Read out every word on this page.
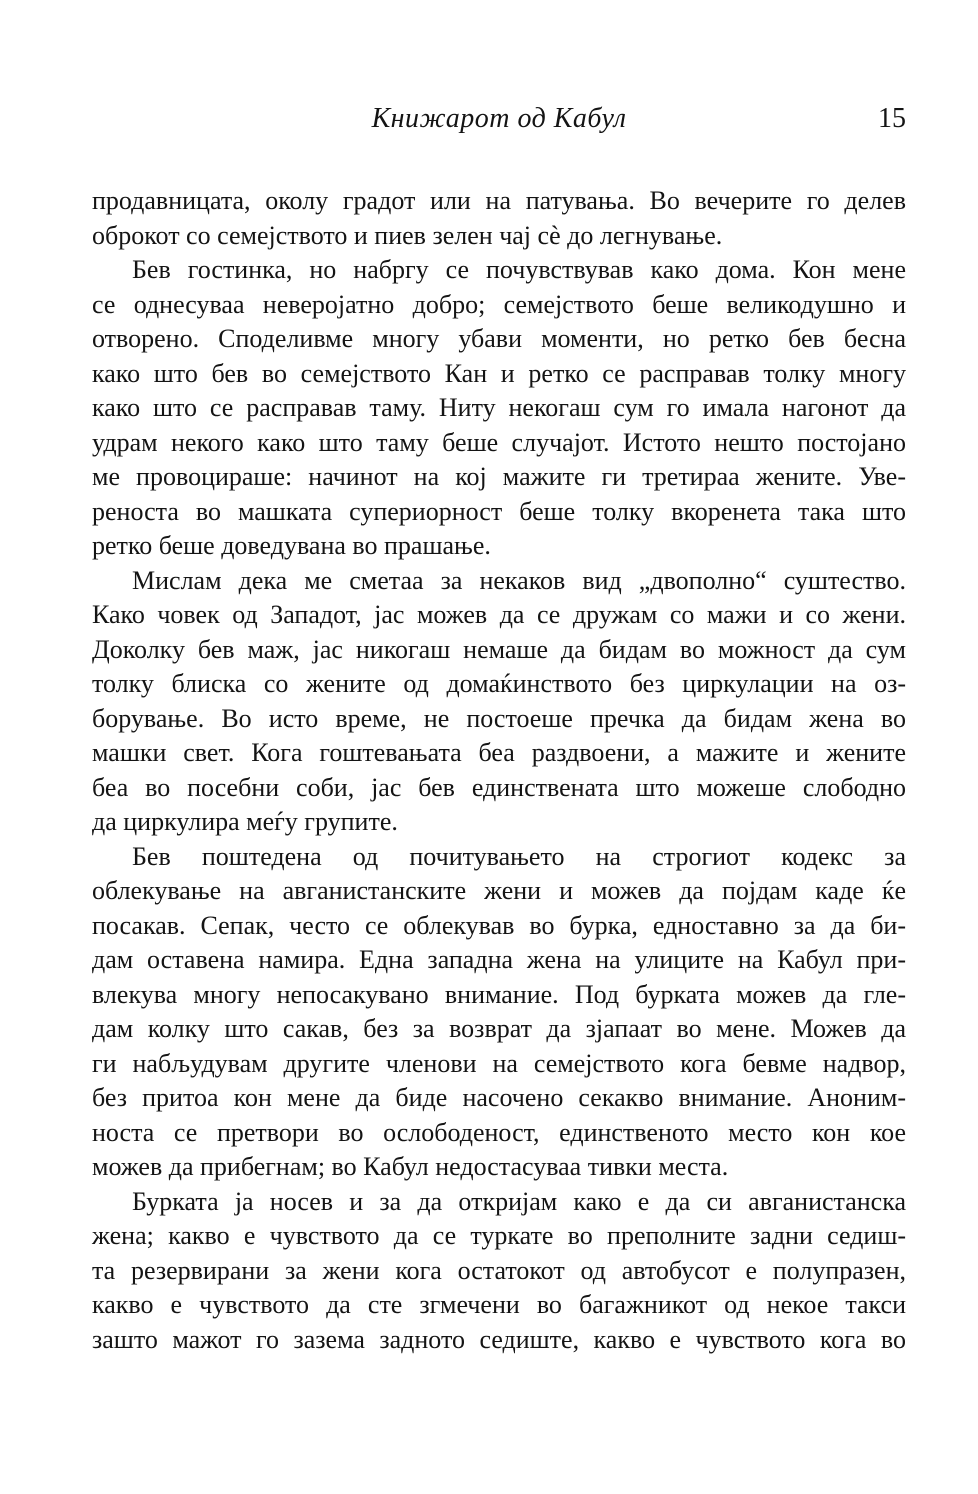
Книжарот од Кабул	15
продавницата, околу градот или на патувања. Во вечерите го делев
оброкот со семејството и пиев зелен чај сè до легнување.
Бев гостинка, но набргу се почувствував како дома. Кон мене
се однесуваа неверојатно добро; семејството беше великодушно и
отворено. Споделивме многу убави моменти, но ретко бев бесна
како што бев во семејството Кан и ретко се расправав толку многу
како што се расправав таму. Ниту некогаш сум го имала нагонот да
удрам некого како што таму беше случајот. Истото нешто постојано
ме провоцираше: начинот на кој мажите ги третираа жените. Уве-
реноста во машката супериорност беше толку вкоренета така што
ретко беше доведувана во прашање.
Мислам дека ме сметаа за некаков вид „двополно“ суштество.
Како човек од Западот, јас можев да се дружам со мажи и со жени.
Доколку бев маж, јас никогаш немаше да бидам во можност да сум
толку блиска со жените од домаќинството без циркулации на оз-
борување. Во исто време, не постоеше пречка да бидам жена во
машки свет. Кога гоштевањата беа раздвоени, а мажите и жените
беа во посебни соби, јас бев единствената што можеше слободно
да циркулира меѓу групите.
Бев поштедена од почитувањето на строгиот кодекс за
облекување на авганистанските жени и можев да појдам каде ќе
посакав. Сепак, често се облекував во бурка, едноставно за да би-
дам оставена намира. Една западна жена на улиците на Кабул при-
влекува многу непосакувано внимание. Под бурката можев да гле-
дам колку што сакав, без за возврат да зјапаат во мене. Можев да
ги набљудувам другите членови на семејството кога бевме надвор,
без притоа кон мене да биде насочено секакво внимание. Аноним-
носта се претвори во ослободеност, единственото место кон кое
можев да прибегнам; во Кабул недостасуваа тивки места.
Бурката ја носев и за да откријам како е да си авганистанска
жена; какво е чувството да се туркате во преполните задни седиш-
та резервирани за жени кога остатокот од автобусот е полупразен,
какво е чувството да сте згмечени во багажникот од некое такси
зашто мажот го зазема задното седиште, какво е чувството кога во
